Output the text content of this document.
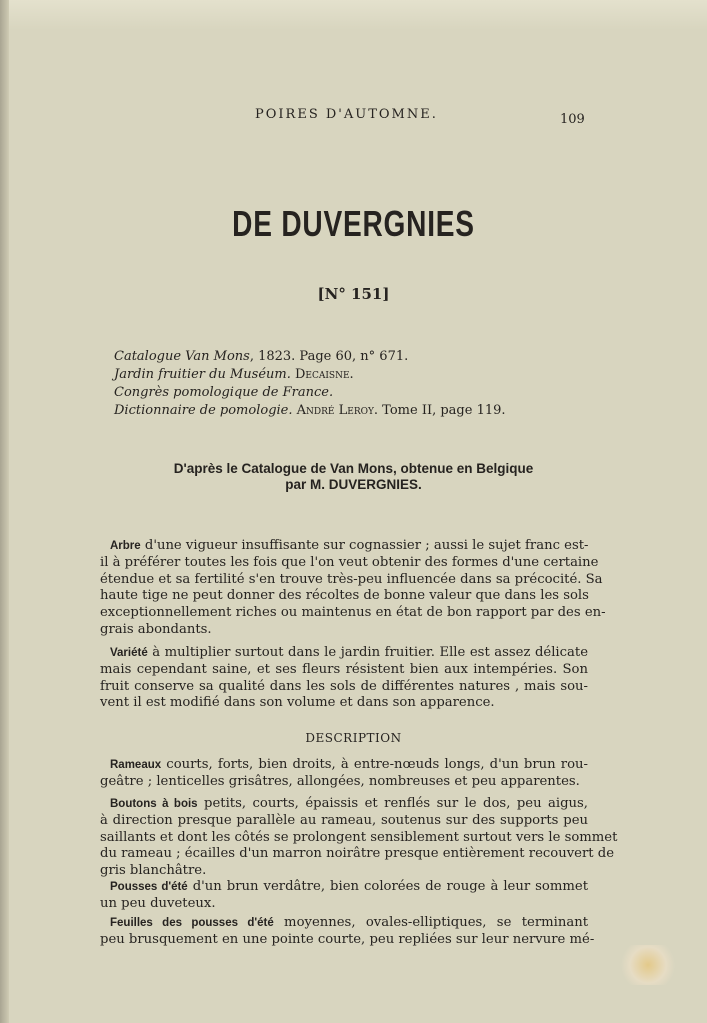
POIRES D'AUTOMNE.	109
DE DUVERGNIES
[N° 151]
Catalogue Van Mons, 1823. Page 60, n° 671.
Jardin fruitier du Muséum. Decaisne.
Congrès pomologique de France.
Dictionnaire de pomologie. André Leroy. Tome II, page 119.
D'après le Catalogue de Van Mons, obtenue en Belgique
par M. DUVERGNIES.
Arbre d'une vigueur insuffisante sur cognassier ; aussi le sujet franc est-
il à préférer toutes les fois que l'on veut obtenir des formes d'une certaine
étendue et sa fertilité s'en trouve très-peu influencée dans sa précocité. Sa
haute tige ne peut donner des récoltes de bonne valeur que dans les sols
exceptionnellement riches ou maintenus en état de bon rapport par des en-
grais abondants.
Variété à multiplier surtout dans le jardin fruitier. Elle est assez délicate
mais cependant saine, et ses fleurs résistent bien aux intempéries. Son
fruit conserve sa qualité dans les sols de différentes natures , mais sou-
vent il est modifié dans son volume et dans son apparence.
DESCRIPTION
Rameaux courts, forts, bien droits, à entre-nœuds longs, d'un brun rou-
geâtre ; lenticelles grisâtres, allongées, nombreuses et peu apparentes.
Boutons à bois petits, courts, épaissis et renflés sur le dos, peu aigus,
à direction presque parallèle au rameau, soutenus sur des supports peu
saillants et dont les côtés se prolongent sensiblement surtout vers le sommet
du rameau ; écailles d'un marron noirâtre presque entièrement recouvert de
gris blanchâtre.
Pousses d'été d'un brun verdâtre, bien colorées de rouge à leur sommet
un peu duveteux.
Feuilles des pousses d'été moyennes, ovales-elliptiques, se terminant
peu brusquement en une pointe courte, peu repliées sur leur nervure mé-
